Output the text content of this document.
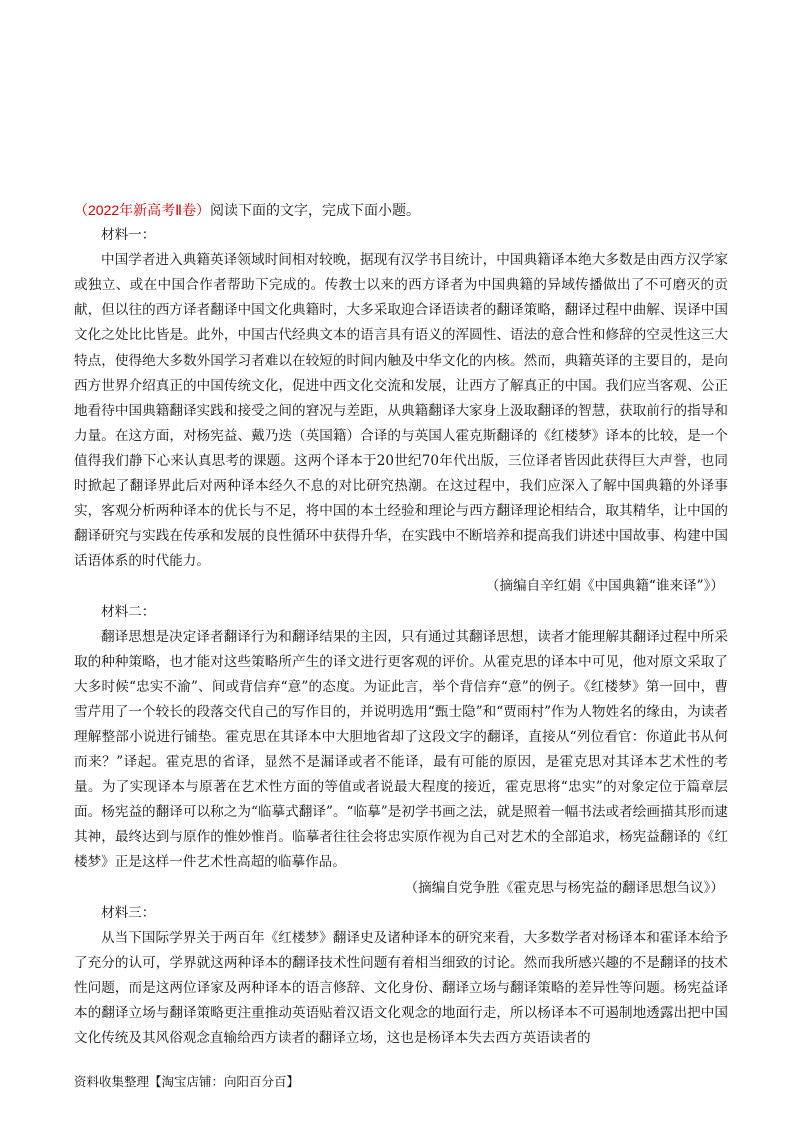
（2022年新高考Ⅱ卷）阅读下面的文字，完成下面小题。

材料一：

中国学者进入典籍英译领域时间相对较晚，据现有汉学书目统计，中国典籍译本绝大多数是由西方汉学家或独立、或在中国合作者帮助下完成的。传教士以来的西方译者为中国典籍的异域传播做出了不可磨灭的贡献，但以往的西方译者翻译中国文化典籍时，大多采取迎合译语读者的翻译策略，翻译过程中曲解、误译中国文化之处比比皆是。此外，中国古代经典文本的语言具有语义的浑圆性、语法的意合性和修辞的空灵性这三大特点，使得绝大多数外国学习者难以在较短的时间内触及中华文化的内核。然而，典籍英译的主要目的，是向西方世界介绍真正的中国传统文化，促进中西文化交流和发展，让西方了解真正的中国。我们应当客观、公正地看待中国典籍翻译实践和接受之间的窘况与差距，从典籍翻译大家身上汲取翻译的智慧，获取前行的指导和力量。在这方面，对杨宪益、戴乃迭（英国籍）合译的与英国人霍克斯翻译的《红楼梦》译本的比较，是一个值得我们静下心来认真思考的课题。这两个译本于20世纪70年代出版，三位译者皆因此获得巨大声誉，也同时掀起了翻译界此后对两种译本经久不息的对比研究热潮。在这过程中，我们应深入了解中国典籍的外译事实，客观分析两种译本的优长与不足，将中国的本土经验和理论与西方翻译理论相结合，取其精华，让中国的翻译研究与实践在传承和发展的良性循环中获得升华，在实践中不断培养和提高我们讲述中国故事、构建中国话语体系的时代能力。

（摘编自辛红娟《中国典籍“谁来译”》）

材料二：

翻译思想是决定译者翻译行为和翻译结果的主因，只有通过其翻译思想，读者才能理解其翻译过程中所采取的种种策略，也才能对这些策略所产生的译文进行更客观的评价。从霍克思的译本中可见，他对原文采取了大多时候“忠实不渝”、间或背信弃“意”的态度。为证此言，举个背信弃“意”的例子。《红楼梦》第一回中，曹雪芹用了一个较长的段落交代自己的写作目的，并说明选用“甄士隐”和“贾雨村”作为人物姓名的缘由，为读者理解整部小说进行铺垫。霍克思在其译本中大胆地省却了这段文字的翻译，直接从“列位看官：你道此书从何而来？”译起。霍克思的省译，显然不是漏译或者不能译，最有可能的原因，是霍克思对其译本艺术性的考量。为了实现译本与原著在艺术性方面的等值或者说最大程度的接近，霍克思将“忠实”的对象定位于篇章层面。杨宪益的翻译可以称之为“临摹式翻译”。“临摹”是初学书画之法，就是照着一幅书法或者绘画描其形而逮其神，最终达到与原作的惟妙惟肖。临摹者往往会将忠实原作视为自己对艺术的全部追求，杨宪益翻译的《红楼梦》正是这样一件艺术性高超的临摹作品。

（摘编自党争胜《霍克思与杨宪益的翻译思想刍议》）

材料三：

从当下国际学界关于两百年《红楼梦》翻译史及诸种译本的研究来看，大多数学者对杨译本和霍译本给予了充分的认可，学界就这两种译本的翻译技术性问题有着相当细致的讨论。然而我所感兴趣的不是翻译的技术性问题，而是这两位译家及两种译本的语言修辞、文化身份、翻译立场与翻译策略的差异性等问题。杨宪益译本的翻译立场与翻译策略更注重推动英语贴着汉语文化观念的地面行走，所以杨译本不可遏制地透露出把中国文化传统及其风俗观念直输给西方读者的翻译立场，这也是杨译本失去西方英语读者的

资料收集整理【淘宝店铺：向阳百分百】
